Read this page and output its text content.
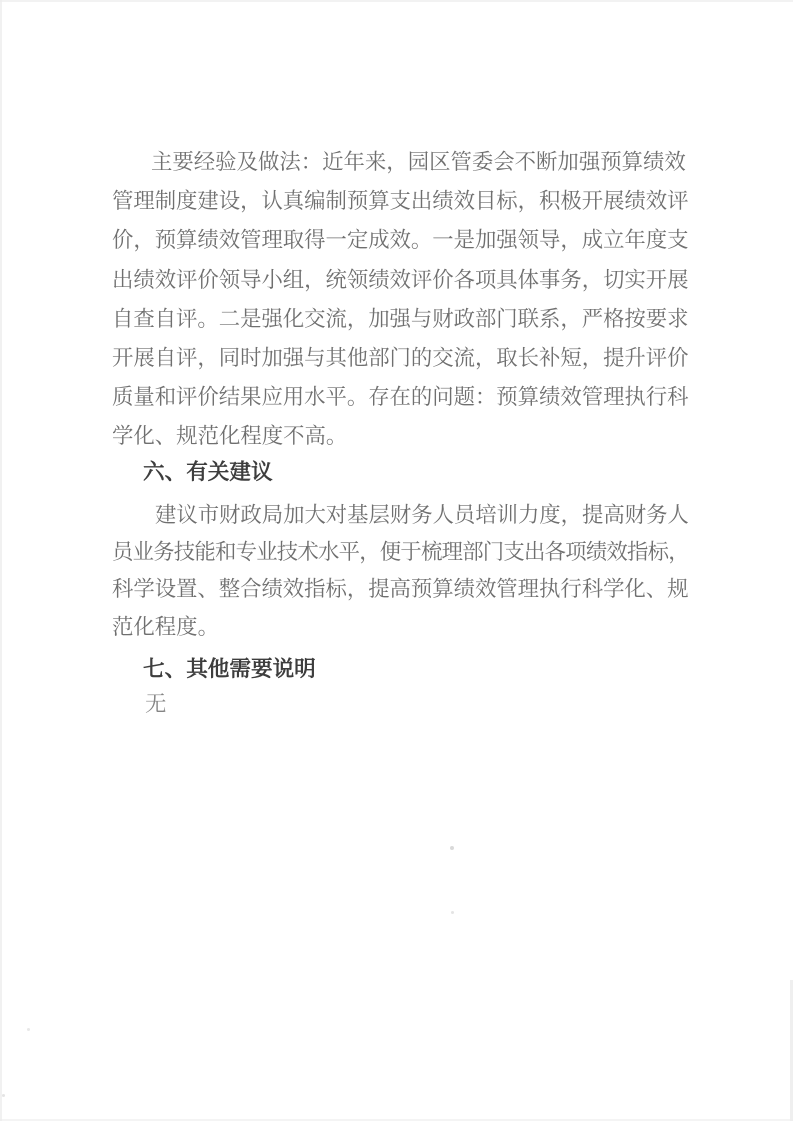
主要经验及做法：近年来，园区管委会不断加强预算绩效
管理制度建设，认真编制预算支出绩效目标，积极开展绩效评
价，预算绩效管理取得一定成效。一是加强领导，成立年度支
出绩效评价领导小组，统领绩效评价各项具体事务，切实开展
自查自评。二是强化交流，加强与财政部门联系，严格按要求
开展自评，同时加强与其他部门的交流，取长补短，提升评价
质量和评价结果应用水平。存在的问题：预算绩效管理执行科
学化、规范化程度不高。
六、有关建议
建议市财政局加大对基层财务人员培训力度，提高财务人
员业务技能和专业技术水平，便于梳理部门支出各项绩效指标，
科学设置、整合绩效指标，提高预算绩效管理执行科学化、规
范化程度。
七、其他需要说明
无
